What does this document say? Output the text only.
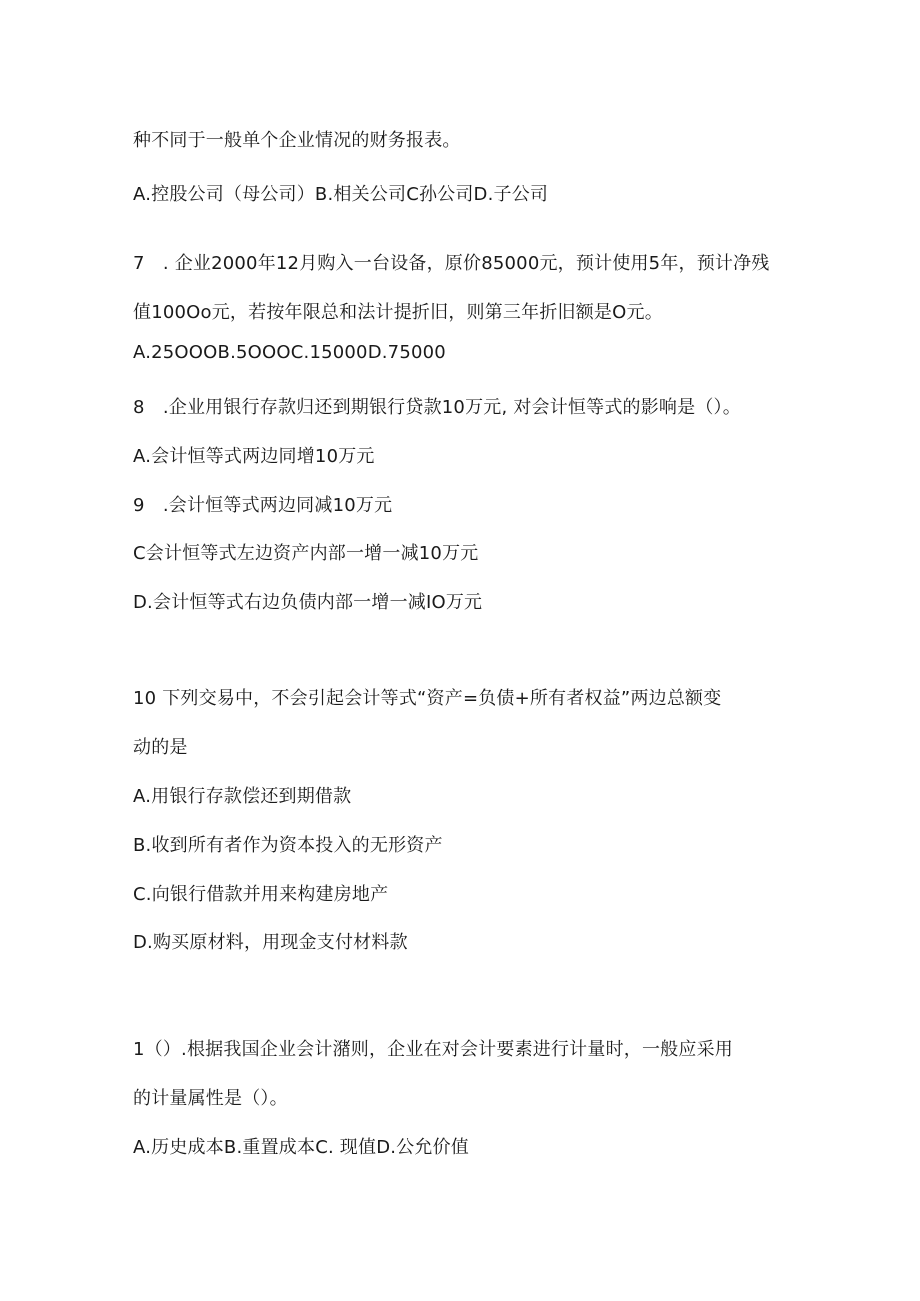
种不同于一般单个企业情况的财务报表。
A.控股公司（母公司）B.相关公司C孙公司D.子公司
7　. 企业2000年12月购入一台设备，原价85000元，预计使用5年，预计净残
值100Oo元，若按年限总和法计提折旧，则第三年折旧额是O元。
A.25OOOB.5OOOC.15000D.75000
8　.企业用银行存款归还到期银行贷款10万元, 对会计恒等式的影响是（）。
A.会计恒等式两边同增10万元
9　.会计恒等式两边同减10万元
C会计恒等式左边资产内部一增一减10万元
D.会计恒等式右边负债内部一增一减IO万元
10 下列交易中，不会引起会计等式“资产=负债+所有者权益”两边总额变
动的是
A.用银行存款偿还到期借款
B.收到所有者作为资本投入的无形资产
C.向银行借款并用来构建房地产
D.购买原材料，用现金支付材料款
1（）.根据我国企业会计潴则，企业在对会计要素进行计量时，一般应采用
的计量属性是（）。
A.历史成本B.重置成本C. 现值D.公允价值
